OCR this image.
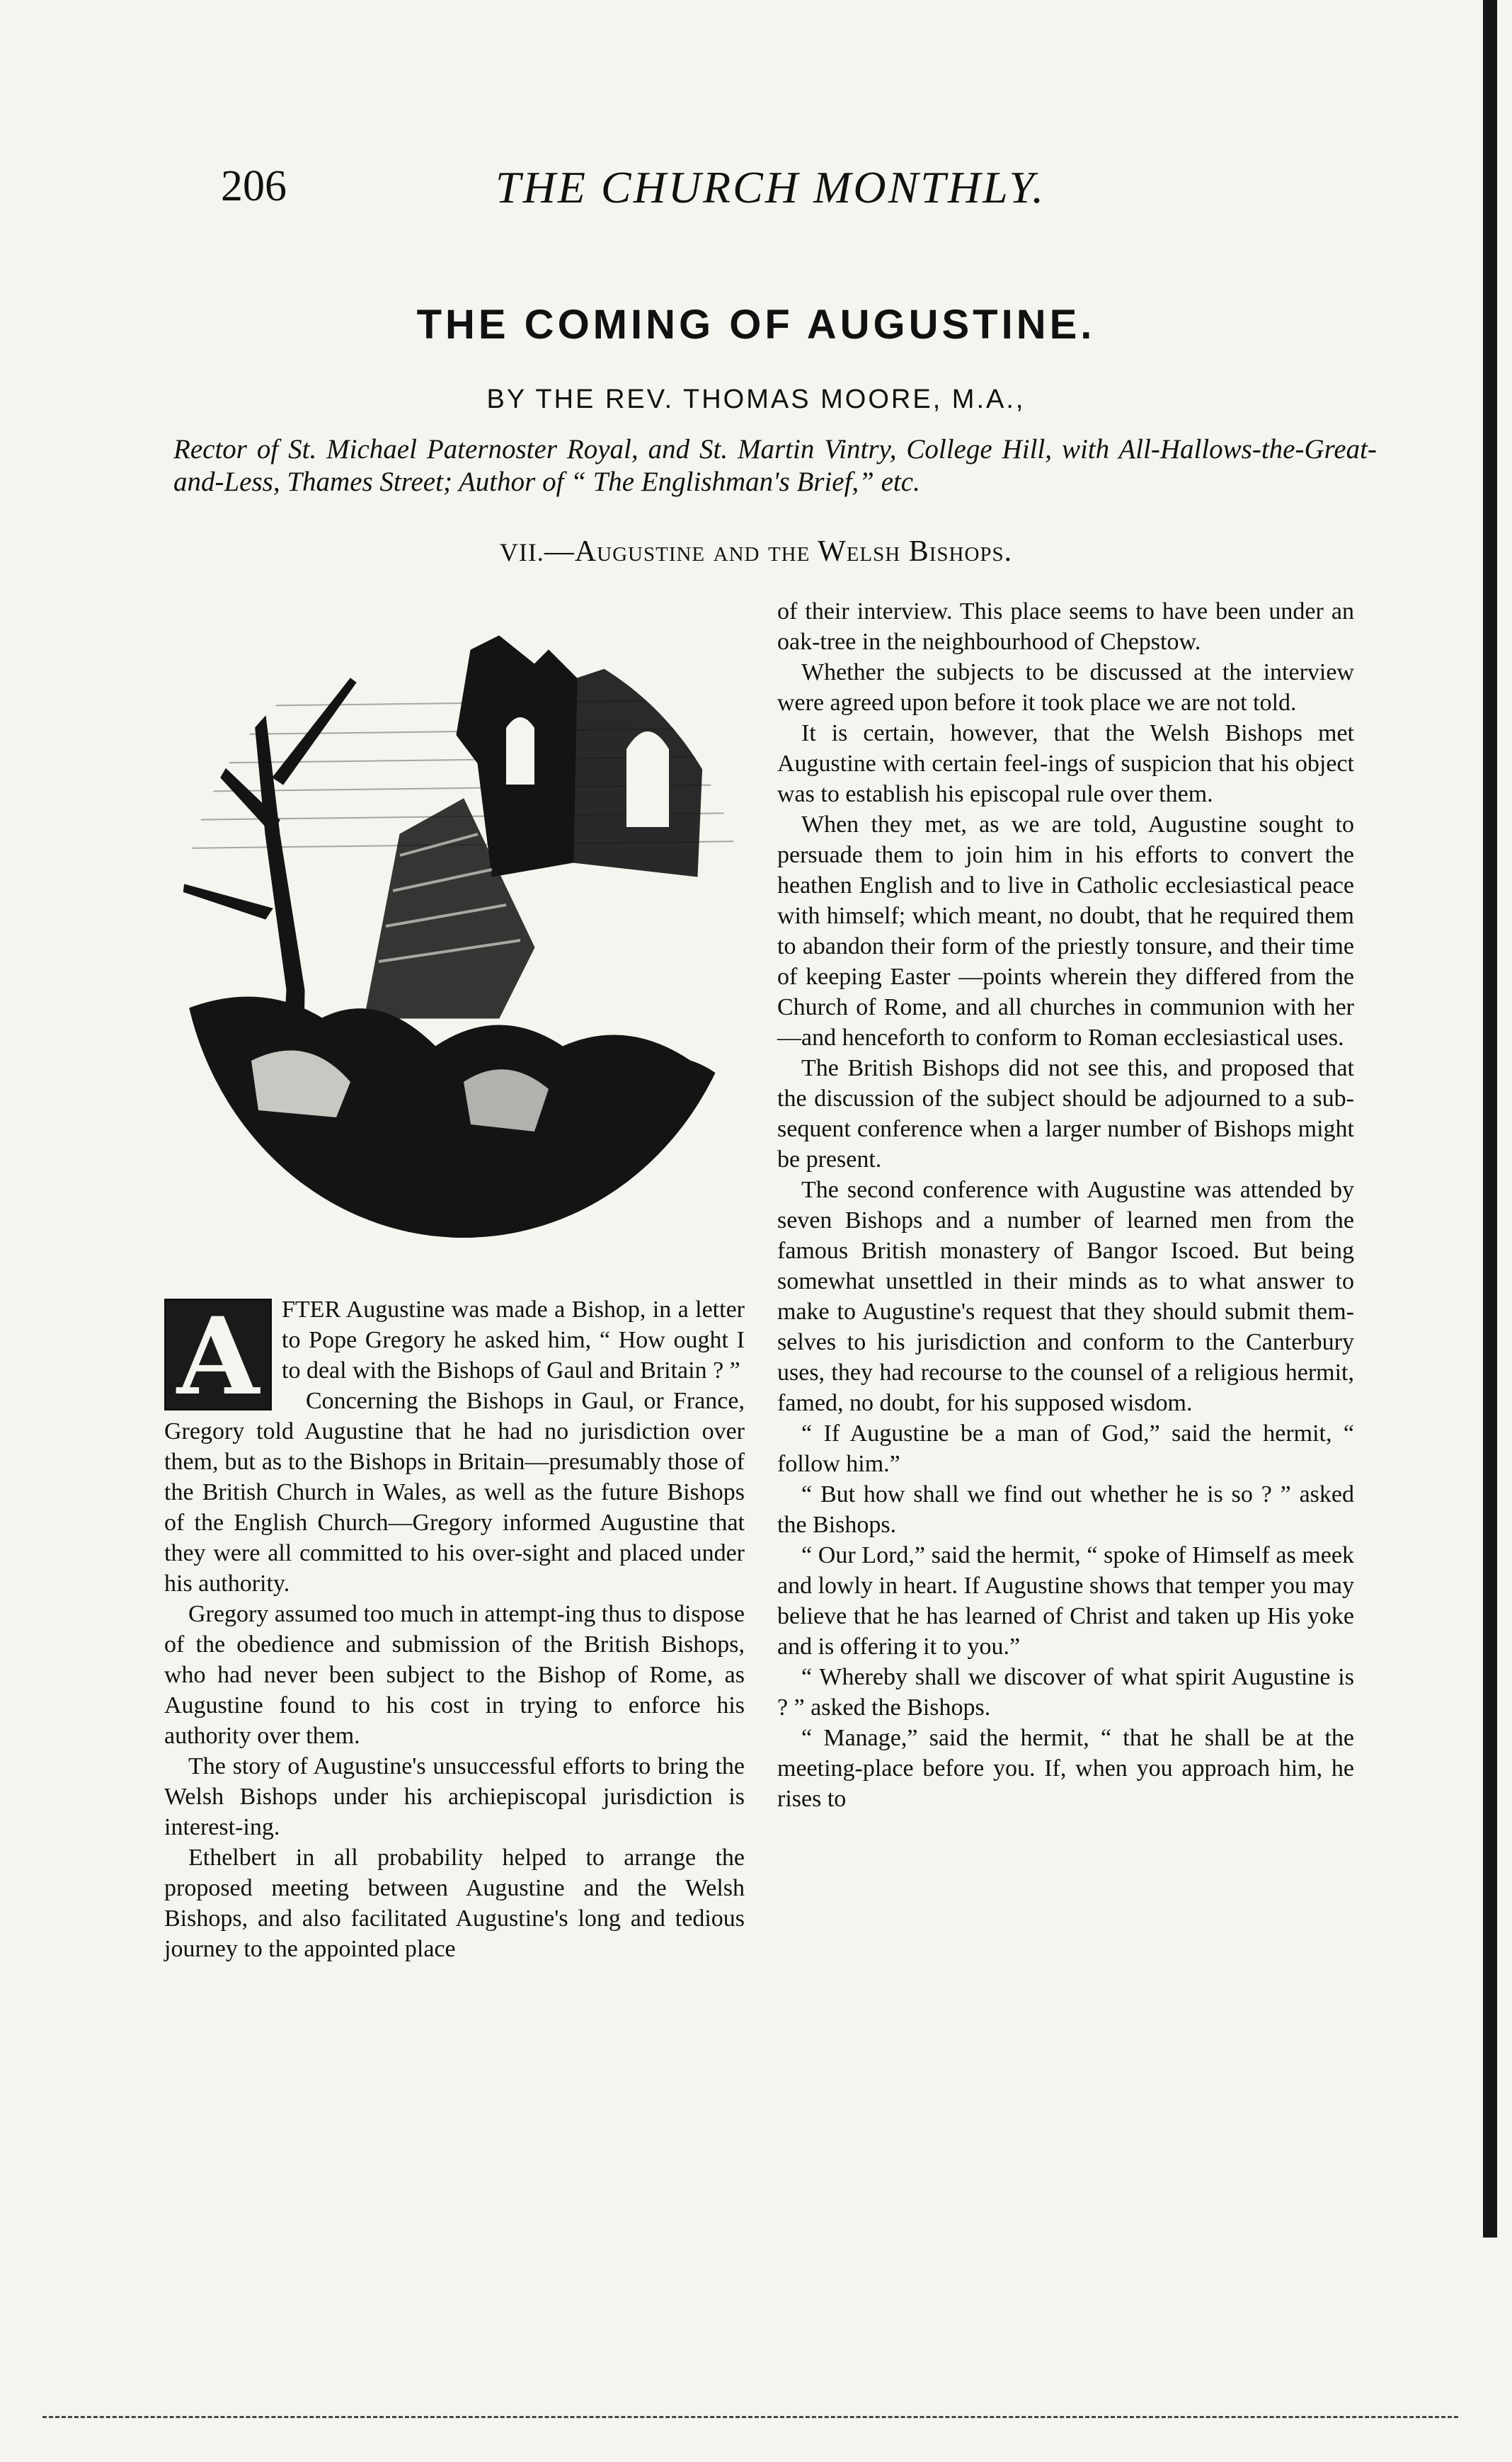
206	THE CHURCH MONTHLY.
THE COMING OF AUGUSTINE.
BY THE REV. THOMAS MOORE, M.A.,
Rector of St. Michael Paternoster Royal, and St. Martin Vintry, College Hill, with All-Hallows-the-Great-and-Less, Thames Street; Author of “ The Englishman's Brief,” etc.
VII.—Augustine and the Welsh Bishops.
A FTER Augustine was made a Bishop, in a letter to Pope Gregory he asked him, “ How ought I to deal with the Bishops of Gaul and Britain ? ”

Concerning the Bishops in Gaul, or France, Gregory told Augustine that he had no jurisdiction over them, but as to the Bishops in Britain—presumably those of the British Church in Wales, as well as the future Bishops of the English Church—Gregory informed Augustine that they were all committed to his over-sight and placed under his authority.

Gregory assumed too much in attempt-ing thus to dispose of the obedience and submission of the British Bishops, who had never been subject to the Bishop of Rome, as Augustine found to his cost in trying to enforce his authority over them.

The story of Augustine's unsuccessful efforts to bring the Welsh Bishops under his archiepiscopal jurisdiction is interest-ing.

Ethelbert in all probability helped to arrange the proposed meeting between Augustine and the Welsh Bishops, and also facilitated Augustine's long and tedious journey to the appointed place

of their interview. This place seems to have been under an oak-tree in the neighbourhood of Chepstow.

Whether the subjects to be discussed at the interview were agreed upon before it took place we are not told.

It is certain, however, that the Welsh Bishops met Augustine with certain feel-ings of suspicion that his object was to establish his episcopal rule over them.

When they met, as we are told, Augustine sought to persuade them to join him in his efforts to convert the heathen English and to live in Catholic ecclesiastical peace with himself; which meant, no doubt, that he required them to abandon their form of the priestly tonsure, and their time of keeping Easter —points wherein they differed from the Church of Rome, and all churches in communion with her—and henceforth to conform to Roman ecclesiastical uses.

The British Bishops did not see this, and proposed that the discussion of the subject should be adjourned to a sub-sequent conference when a larger number of Bishops might be present.

The second conference with Augustine was attended by seven Bishops and a number of learned men from the famous British monastery of Bangor Iscoed. But being somewhat unsettled in their minds as to what answer to make to Augustine's request that they should submit them-selves to his jurisdiction and conform to the Canterbury uses, they had recourse to the counsel of a religious hermit, famed, no doubt, for his supposed wisdom.

“ If Augustine be a man of God,” said the hermit, “ follow him.”

“ But how shall we find out whether he is so ? ” asked the Bishops.

“ Our Lord,” said the hermit, “ spoke of Himself as meek and lowly in heart. If Augustine shows that temper you may believe that he has learned of Christ and taken up His yoke and is offering it to you.”

“ Whereby shall we discover of what spirit Augustine is ? ” asked the Bishops.

“ Manage,” said the hermit, “ that he shall be at the meeting-place before you. If, when you approach him, he rises to
